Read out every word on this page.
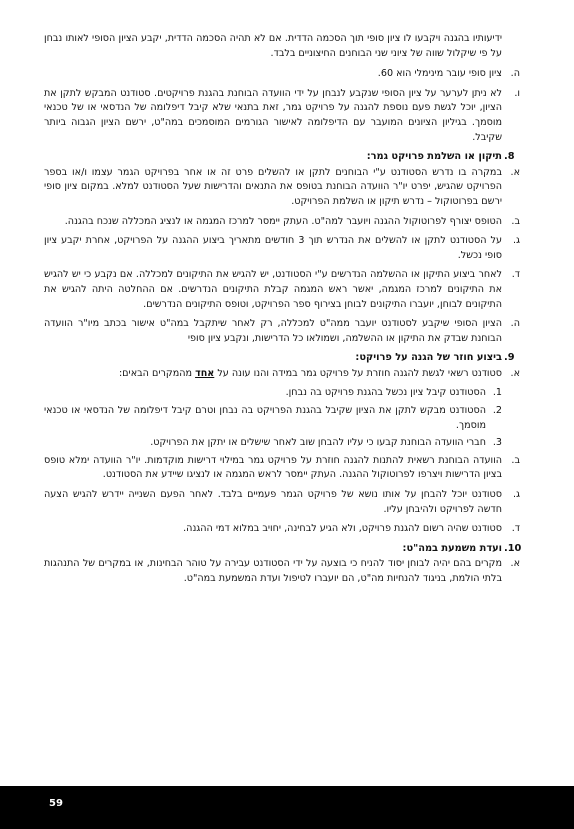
ידיעותיו בהגנה ויקבעו לו ציון סופי תוך הסכמה הדדית. אם לא תהיה הסכמה הדדית, יקבע הציון הסופי לאותו נבחן על פי שיקלול שווה של ציוני שני הבוחנים החיצוניים בלבד.
ה.
ציון סופי עובר מינימלי הוא 60.
ו.
לא ניתן לערער על ציון הסופי שנקבע לנבחן על ידי הוועדה הבוחנת בהגנת פרויקטים. סטודנט המבקש לתקן את הציון, יוכל לגשת פעם נוספת להגנה על פרויקט גמר, זאת בתנאי שלא קיבל דיפלומה של הנדסאי או של טכנאי מוסמך. בגיליון הציונים המועבר עם הדיפלומה לאישור הגורמים המוסמכים במה"ט, ירשם הציון הגבוה ביותר שקיבל.
8.
תיקון או השלמת פרויקט גמר:
א.
במקרה בו נדרש הסטודנט ע"י הבוחנים לתקן או להשלים פרט זה או אחר בפרויקט הגמר עצמו ו/או בספר הפרויקט שהגיש, יפרט יו"ר הוועדה הבוחנת בטופס את התנאים והדרישות שעל הסטודנט למלא. במקום ציון סופי ירשם בפרוטוקול – נדרש תיקון או השלמת הפרויקט.
ב.
הטופס יצורף לפרוטוקול ההגנה ויועבר למה"ט. העתק יימסר למרכז המגמה או לנציג המכללה שנכח בהגנה.
ג.
על הסטודנט לתקן או להשלים את הנדרש תוך 3 חודשים מתאריך ביצוע ההגנה על הפרויקט, אחרת יקבע ציון סופי נכשל.
ד.
לאחר ביצוע התיקון או ההשלמה הנדרשים ע"י הסטודנט, יש להגיש את התיקונים למכללה. אם נקבע כי יש להגיש את התיקונים למרכז המגמה, יאשר ראש המגמה קבלת התיקונים הנדרשים. אם ההחלטה היתה להגיש את התיקונים לבוחן, יועברו התיקונים לבוחן בצירוף ספר הפרויקט, וטופס התיקונים הנדרשים.
ה.
הציון הסופי שיקבע לסטודנט יועבר ממה"ט למכללה, רק לאחר שיתקבל במה"ט אישור בכתב מיו"ר הוועדה הבוחנת שבדק את התיקון או ההשלמה, ושמולאו כל הדרישות, ונקבע ציון סופי
9.
ביצוע חוזר של הגנה על פרויקט:
א.
סטודנט רשאי לגשת להגנה חוזרת על פרויקט גמר במידה והנו עונה על אחד מהמקרים הבאים:
1.
הסטודנט קיבל ציון נכשל בהגנת פרויקט בה נבחן.
2.
הסטודנט מבקש לתקן את הציון שקיבל בהגנת הפרויקט בה נבחן וטרם קיבל דיפלומה של הנדסאי או טכנאי מוסמך.
3.
חברי הוועדה הבוחנת קבעו כי עליו להבחן שוב לאחר שישלים או יתקן את הפרויקט.
ב.
הוועדה הבוחנת רשאית להתנות להגנה חוזרת על פרויקט גמר במילוי דרישות מוקדמות. יו"ר הוועדה ימלא טופס בציון הדרישות ויצרפו לפרוטוקול ההגנה. העתק יימסר לראש המגמה או לנציגו שיידע את הסטודנט.
ג.
סטודנט יוכל להבחן על אותו נושא של פרויקט הגמר פעמיים בלבד. לאחר הפעם השנייה יידרש להגיש הצעה חדשה לפרויקט ולהיבחן עליו.
ד.
סטודנט שהיה רשום להגנת פרויקט, ולא הגיע לבחינה, יחויב במלוא דמי ההגנה.
10.
ועדת משמעת במה"ט:
א.
מקרים בהם יהיה לבוחן יסוד להניח כי בוצעה על ידי הסטודנט עבירה על טוהר הבחינות, או במקרים של התנהגות בלתי הולמת, בניגוד להנחיות מה"ט, הם יועברו לטיפול ועדת המשמעת במה"ט.
59
